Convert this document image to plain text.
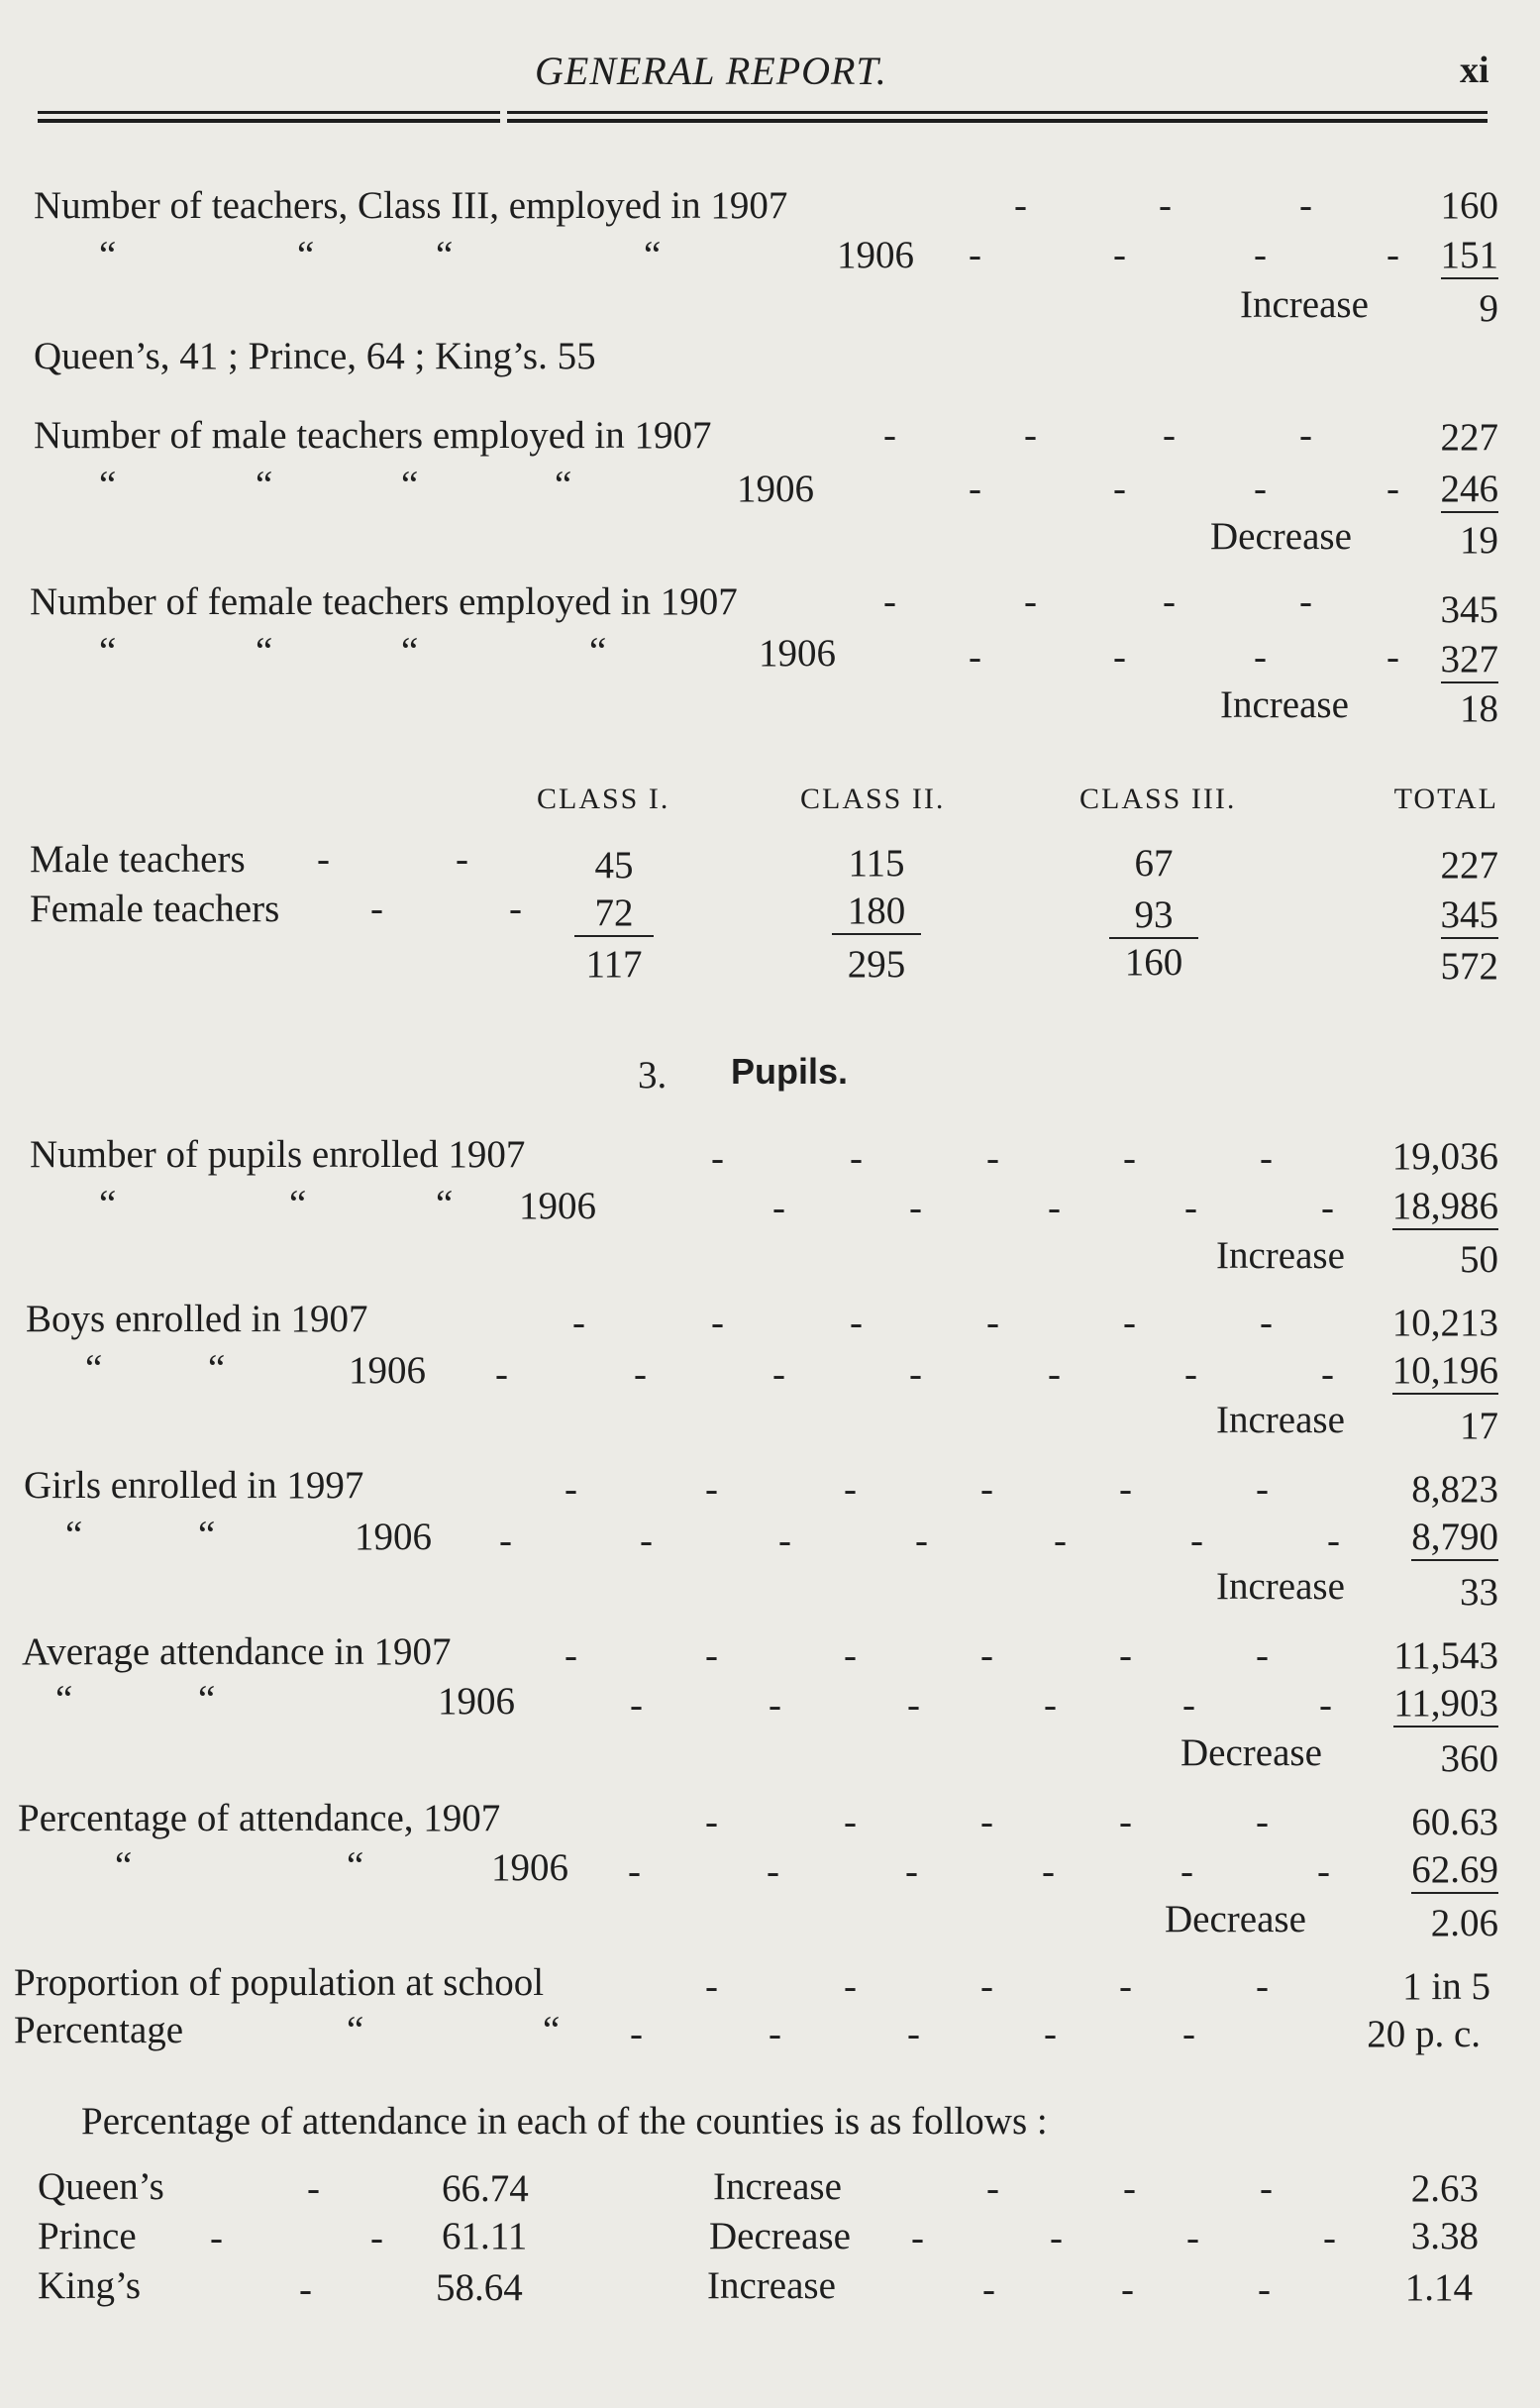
GENERAL REPORT.	xi
Number of teachers, Class III, employed in 1907	-	-	-	160
“	“	“	“	1906 -	-	-	- 151
Increase	9
Queen’s, 41 ; Prince, 64 ; King’s. 55
Number of male teachers employed in 1907	-	-	-	-	227
“	“	“	“	1906	-	-	-	- 246
Decrease	19
Number of female teachers employed in 1907	-	-	-	-	345
“	“	“	“	1906	-	-	-	- 327
Increase	18
CLASS I.	CLASS II.	CLASS III.	TOTAL
Male teachers -	-	45	115	67	227
Female teachers -	-	72	180	93	345
117	295	160	572
3. Pupils.
Number of pupils enrolled 1907	-	-	-	-	-	19,036
“	“	“ 1906	-	-	-	-	- 18,986
Increase	50
Boys enrolled in 1907	-	-	-	-	-	-	10,213
“	“	1906 -	-	-	-	-	-	- 10,196
Increase	17
Girls enrolled in 1997	-	-	-	-	-	-	8,823
“	“	1906 -	-	-	-	-	-	- 8,790
Increase	33
Average attendance in 1907	-	-	-	-	-	-	11,543
“	“	1906	-	-	-	-	-	- 11,903
Decrease	360
Percentage of attendance, 1907	-	-	-	-	-	60.63
“	“	1906 -	-	-	-	-	- 62.69
Decrease	2.06
Proportion of population at school	-	-	-	-	-	1 in 5
Percentage	“	“ -	-	-	-	-	20 p. c.
Percentage of attendance in each of the counties is as follows :
Queen’s	-	66.74	Increase	-	-	-	2.63
Prince -	- 61.11	Decrease -	-	-	- 3.38
King’s	-	58.64	Increase	-	-	-	1.14
